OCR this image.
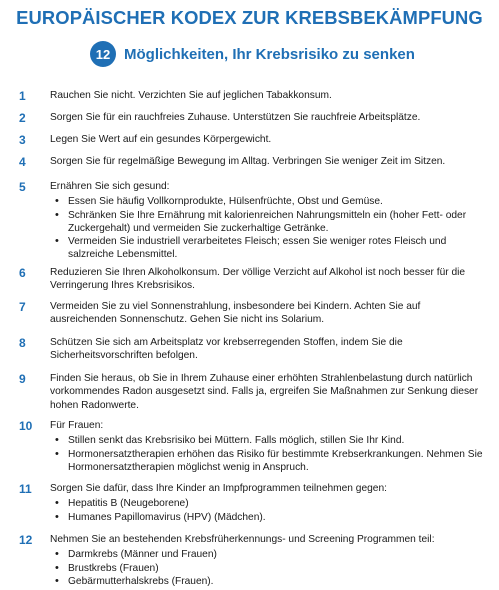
EUROPÄISCHER KODEX ZUR KREBSBEKÄMPFUNG
12 Möglichkeiten, Ihr Krebsrisiko zu senken
1 Rauchen Sie nicht. Verzichten Sie auf jeglichen Tabakkonsum.
2 Sorgen Sie für ein rauchfreies Zuhause. Unterstützen Sie rauchfreie Arbeitsplätze.
3 Legen Sie Wert auf ein gesundes Körpergewicht.
4 Sorgen Sie für regelmäßige Bewegung im Alltag. Verbringen Sie weniger Zeit im Sitzen.
5 Ernähren Sie sich gesund:
• Essen Sie häufig Vollkornprodukte, Hülsenfrüchte, Obst und Gemüse.
• Schränken Sie Ihre Ernährung mit kalorienreichen Nahrungsmitteln ein (hoher Fett- oder Zuckergehalt) und vermeiden Sie zuckerhaltige Getränke.
• Vermeiden Sie industriell verarbeitetes Fleisch; essen Sie weniger rotes Fleisch und salzreiche Lebensmittel.
6 Reduzieren Sie Ihren Alkoholkonsum. Der völlige Verzicht auf Alkohol ist noch besser für die Verringerung Ihres Krebsrisikos.
7 Vermeiden Sie zu viel Sonnenstrahlung, insbesondere bei Kindern. Achten Sie auf ausreichenden Sonnenschutz. Gehen Sie nicht ins Solarium.
8 Schützen Sie sich am Arbeitsplatz vor krebserregenden Stoffen, indem Sie die Sicherheitsvorschriften befolgen.
9 Finden Sie heraus, ob Sie in Ihrem Zuhause einer erhöhten Strahlenbelastung durch natürlich vorkommendes Radon ausgesetzt sind. Falls ja, ergreifen Sie Maßnahmen zur Senkung dieser hohen Radonwerte.
10 Für Frauen:
• Stillen senkt das Krebsrisiko bei Müttern. Falls möglich, stillen Sie Ihr Kind.
• Hormonersatztherapien erhöhen das Risiko für bestimmte Krebserkrankungen. Nehmen Sie Hormonersatztherapien möglichst wenig in Anspruch.
11 Sorgen Sie dafür, dass Ihre Kinder an Impfprogrammen teilnehmen gegen:
• Hepatitis B (Neugeborene)
• Humanes Papillomavirus (HPV) (Mädchen).
12 Nehmen Sie an bestehenden Krebsfrüherkennungs- und Screening Programmen teil:
• Darmkrebs (Männer und Frauen)
• Brustkrebs (Frauen)
• Gebärmutterhalskrebs (Frauen).
